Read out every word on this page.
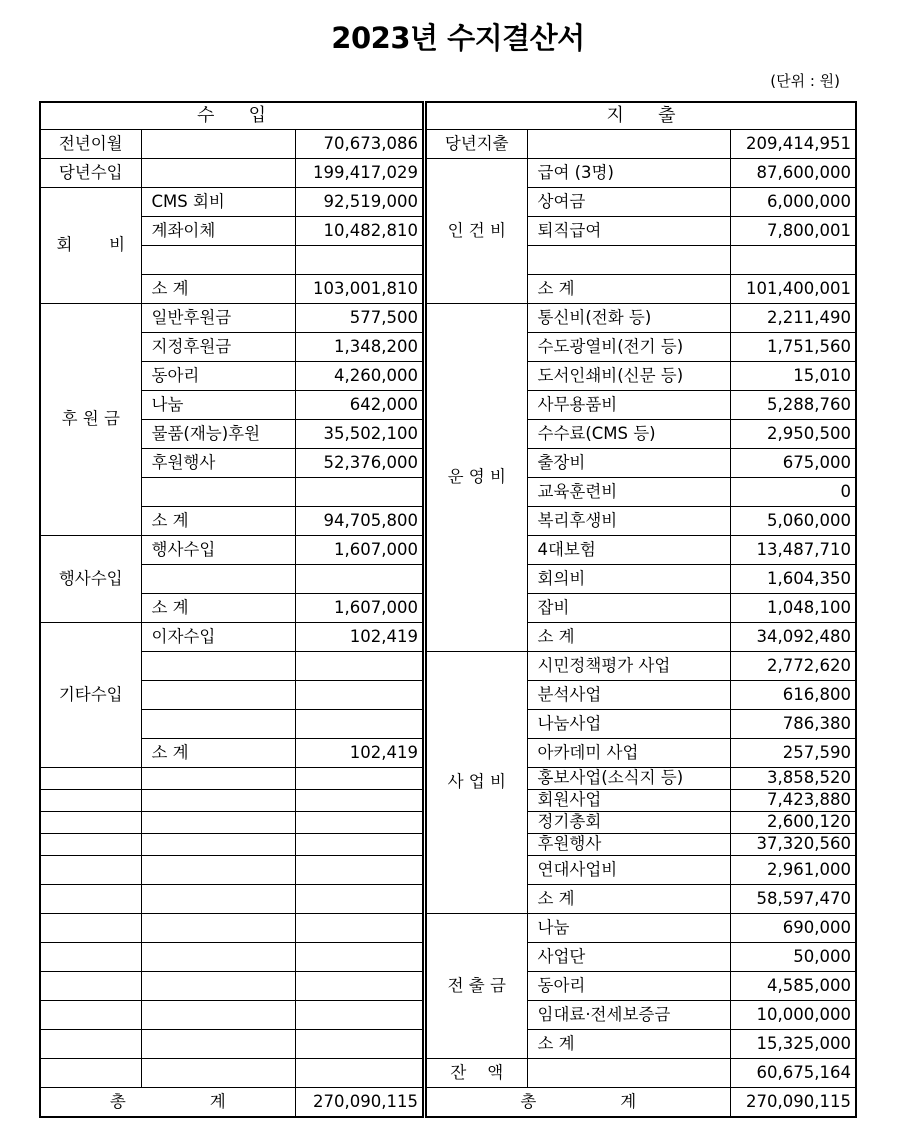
2023년 수지결산서
(단위 : 원)
수      입		
전년이월		70,673,086
당년수입		199,417,029
회       비	CMS 회비	92,519,000
	계좌이체	10,482,810

	소 계	103,001,810
후 원 금	일반후원금	577,500
	지정후원금	1,348,200
	동아리	4,260,000
	나눔	642,000
	물품(재능)후원	35,502,100
	후원행사	52,376,000

	소 계	94,705,800
행사수입	행사수입	1,607,000

	소 계	1,607,000
기타수입	이자수입	102,419

	소 계	102,419

총                계		270,090,115
지      출		
당년지출		209,414,951
인 건 비	급여 (3명)	87,600,000
	상여금	6,000,000
	퇴직급여	7,800,001

	소 계	101,400,001
운 영 비	통신비(전화 등)	2,211,490
	수도광열비(전기 등)	1,751,560
	도서인쇄비(신문 등)	15,010
	사무용품비	5,288,760
	수수료(CMS 등)	2,950,500
	출장비	675,000
	교육훈련비	0
	복리후생비	5,060,000
	4대보험	13,487,710
	회의비	1,604,350
	잡비	1,048,100
	소 계	34,092,480
사 업 비	시민정책평가 사업	2,772,620
	분석사업	616,800
	나눔사업	786,380
	아카데미 사업	257,590
	홍보사업(소식지 등)	3,858,520
	회원사업	7,423,880
	정기총회	2,600,120
	후원행사	37,320,560
	연대사업비	2,961,000
	소 계	58,597,470
전 출 금	나눔	690,000
	사업단	50,000
	동아리	4,585,000
	임대료·전세보증금	10,000,000
	소 계	15,325,000
잔    액		60,675,164
총                계		270,090,115
